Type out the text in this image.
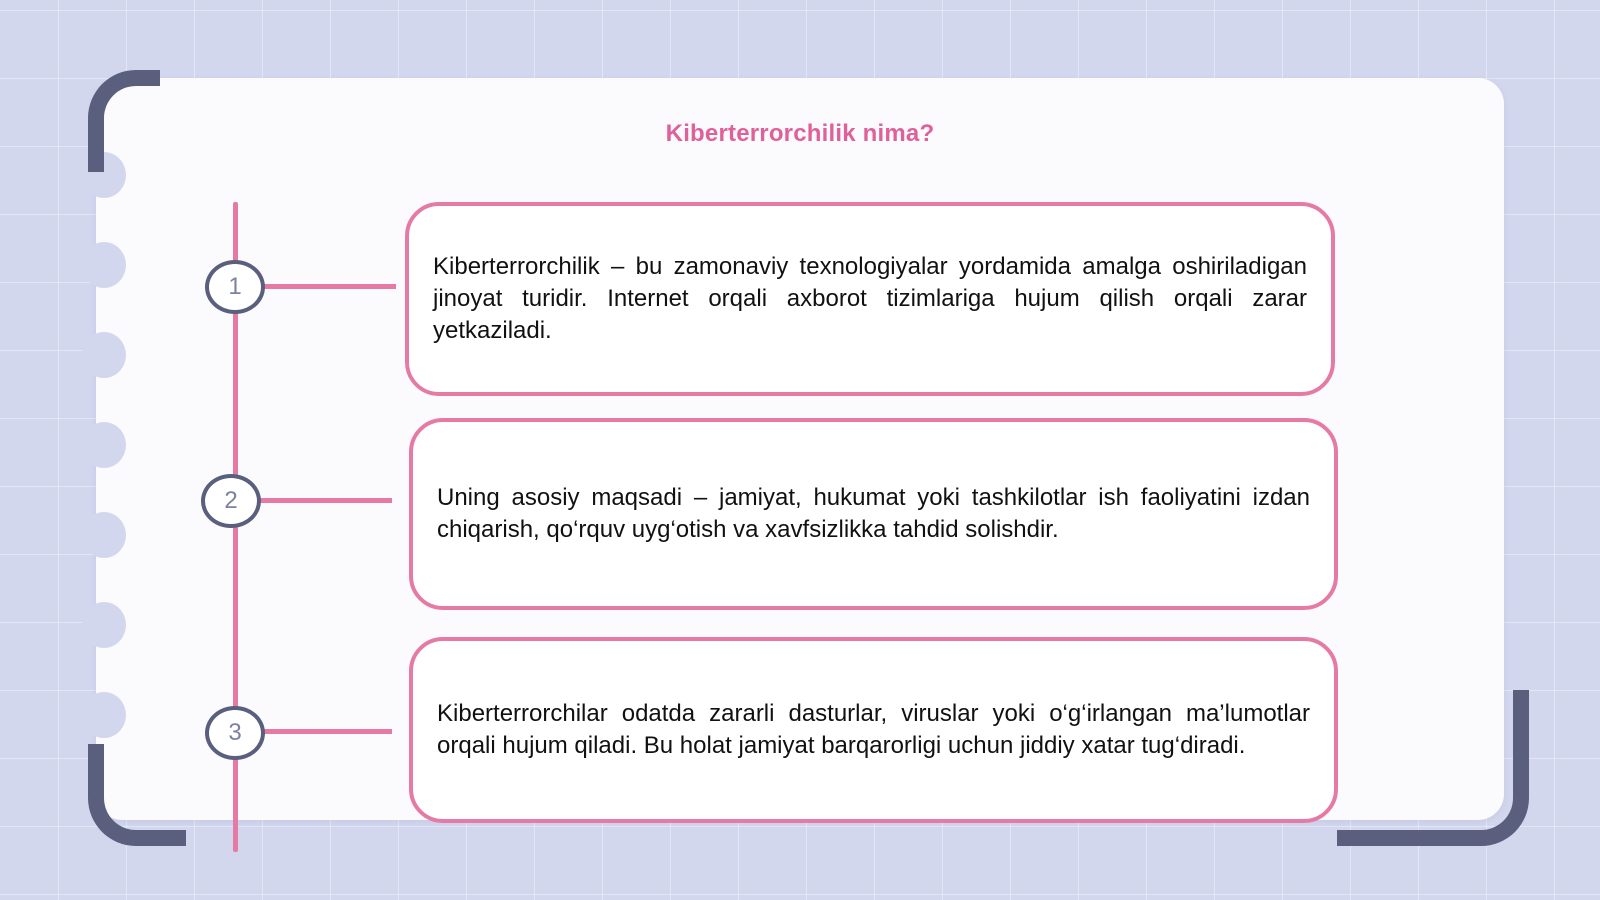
Kiberterrorchilik nima?
1
Kiberterrorchilik – bu zamonaviy texnologiyalar yordamida amalga oshiriladigan jinoyat turidir. Internet orqali axborot tizimlariga hujum qilish orqali zarar yetkaziladi.
2	Uning asosiy maqsadi – jamiyat, hukumat yoki tashkilotlar ish faoliyatini izdan chiqarish, qo‘rquv uyg‘otish va xavfsizlikka tahdid solishdir.
3
Kiberterrorchilar odatda zararli dasturlar, viruslar yoki o‘g‘irlangan ma’lumotlar orqali hujum qiladi. Bu holat jamiyat barqarorligi uchun jiddiy xatar tug‘diradi.
